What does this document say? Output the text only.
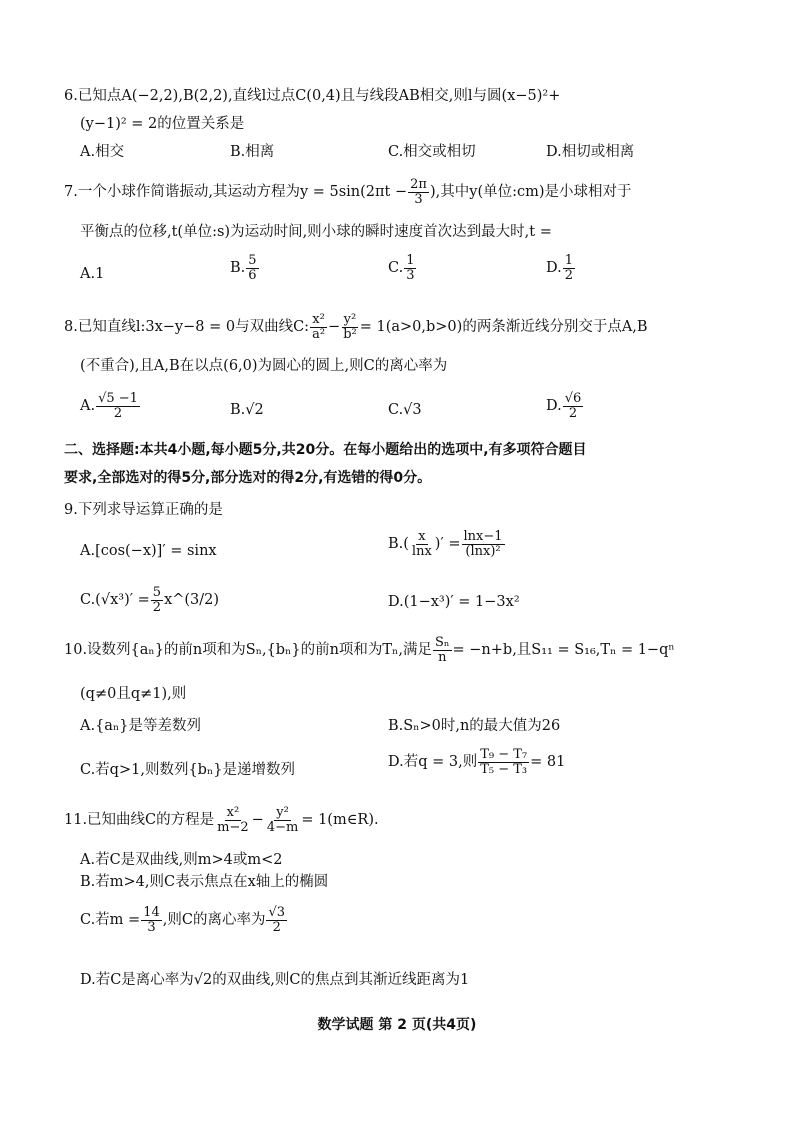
6.已知点A(−2,2),B(2,2),直线l过点C(0,4)且与线段AB相交,则l与圆(x−5)²+
(y−1)² = 2的位置关系是
A.相交	B.相离	C.相交或相切	D.相切或相离
7.一个小球作简谐振动,其运动方程为$y = 5\sin(2\pi t - \frac{2\pi}{3}$ ),其中y(单位:cm)是小球相对于
平衡点的位移,t(单位:s)为运动时间,则小球的瞬时速度首次达到最大时,t =
A.1	B. $\frac{5}{6}$	C. $\frac{1}{3}$	D. $\frac{1}{2}$
8.已知直线l:3x−y−8 = 0与双曲线C: $\frac{\text{x²}}{\text{a²}} - \frac{\text{y²}}{\text{b²}} = 1(a>0,b>0)$的两条渐近线分别交于点A,B
(不重合),且A,B在以点(6,0)为圆心的圆上,则C的离心率为
A. $\frac{√5 -1}{2}$	B.√2	C.√3	D. $\frac{√6}{2}$
二、选择题:本共4小题,每小题5分,共20分。在每小题给出的选项中,有多项符合题目
要求,全部选对的得5分,部分选对的得2分,有选错的得0分。
9.下列求导运算正确的是
A.[cos(−x)]′ = sinx	$B.( \frac{x}{\ln x}$ )′ = $\frac{\ln x-1}{\text{(lnx)²}}$
$C.(√x^3)' = \frac{5}{2}$ x^(3/2)	D.(1−x³)′ = 1−3x²
10.设数列{aₙ}的前n项和为Sₙ,{bₙ}的前n项和为Tₙ,满足 $\frac{\text{Sₙ}}{n} = -n+b$,且S₁₁ = S₁₆,Tₙ = 1−qⁿ
(q≠0且q≠1),则
A.{aₙ}是等差数列	B.Sₙ>0时,n的最大值为26
C.若q>1,则数列{bₙ}是递增数列	D.若q = 3,则 $\frac{\text{T₉ − T₇}}{\text{T₅ − T₃}} = 81$
11.已知曲线C的方程是 $\frac{\text{x²}}{m-2} - \frac{\text{y²}}{4-m}$ = 1(m∈R).
A.若C是双曲线,则m>4或m<2
B.若m>4,则C表示焦点在x轴上的椭圆
C.若$m = \frac{14}{3}$ ,则C的离心率为 $\frac{√3}{2}$
D.若C是离心率为√2的双曲线,则C的焦点到其渐近线距离为1
数学试题 第 2 页(共4页)
